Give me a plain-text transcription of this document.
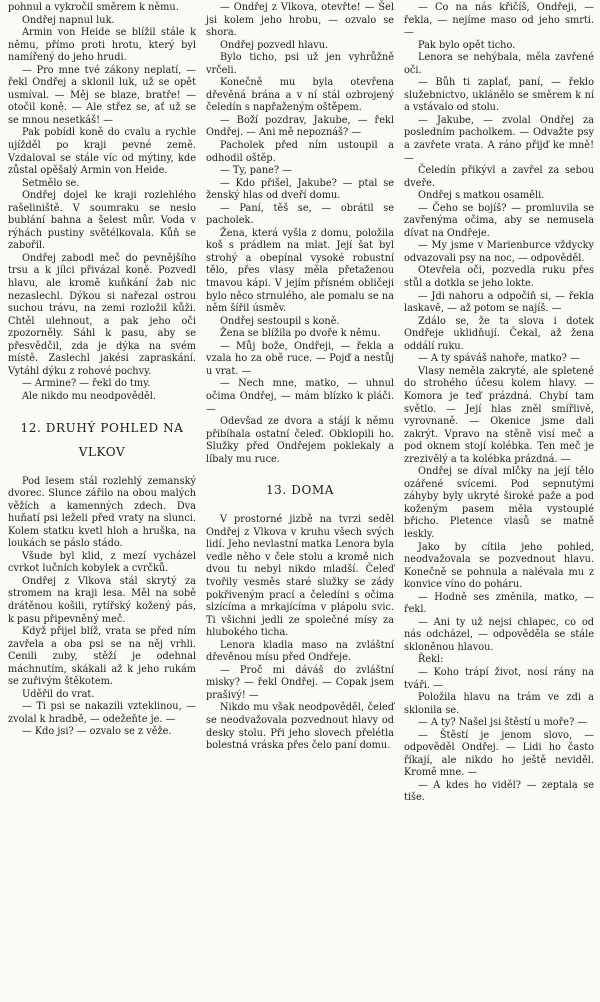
pohnul a vykročil směrem k němu.

Ondřej napnul luk.

Armin von Heide se blížil stále k němu, přímo proti hrotu, který byl namířený do jeho hrudi.

— Pro mne tvé zákony neplatí, — řekl Ondřej a sklonil luk, už se opět usmíval. — Měj se blaze, bratře! — otočil koně. — Ale střez se, ať už se se mnou nesetkáš! —

Pak pobídl koně do cvalu a rychle ujížděl po kraji pevné země. Vzdaloval se stále víc od mýtiny, kde zůstal opěšalý Armin von Heide.

Setmělo se.

Ondřej dojel ke kraji rozlehlého rašeliniště. V soumraku se neslo bublání bahna a šelest můr. Voda v rýhách pustiny světélkovala. Kůň se zabořil.

Ondřej zabodl meč do pevnějšího trsu a k jílci přivázal koně. Pozvedl hlavu, ale kromě kuňkání žab nic nezaslechl. Dýkou si nařezal ostrou suchou trávu, na zemi rozložil kůži. Chtěl ulehnout, a pak jeho oči zpozorněly. Sáhl k pasu, aby se přesvědčil, zda je dýka na svém místě. Zaslechl jakési zapraskání. Vytáhl dýku z rohové pochvy.

— Armine? — řekl do tmy.

Ale nikdo mu neodpověděl.

12. DRUHÝ POHLED NA
VLKOV

Pod lesem stál rozlehlý zemanský dvorec. Slunce zářilo na obou malých věžích a kamenných zdech. Dva huňatí psi leželi před vraty na slunci. Kolem statku kvetl hloh a hruška, na loukách se páslo stádo.

Všude byl klid, z mezí vycházel cvrkot lučních kobylek a cvrčků.

Ondřej z Vlkova stál skrytý za stromem na kraji lesa. Měl na sobě drátěnou košili, rytířský kožený pás, k pasu připevněný meč.

Když přijel blíž, vrata se před ním zavřela a oba psi se na něj vrhli. Cenili zuby, stěží je odehnal máchnutím, skákali až k jeho rukám se zuřivým štěkotem.

Uděřil do vrat.

— Ti psi se nakazili vzteklinou, — zvolal k hradbě, — odežeňte je. —

— Kdo jsi? — ozvalo se z věže.

— Ondřej z Vlkova, otevřte! — Šel jsi kolem jeho hrobu, — ozvalo se shora.

Ondřej pozvedl hlavu.

Bylo ticho, psi už jen vyhrůžně vrčeli.

Konečně mu byla otevřena dřevěná brána a v ní stál ozbrojený čeledín s napřaženým oštěpem.

— Boží pozdrav, Jakube, — řekl Ondřej. — Ani mě nepoznáš? —

Pacholek před ním ustoupil a odhodil oštěp.

— Ty, pane? —

— Kdo přišel, Jakube? — ptal se ženský hlas od dveří domu.

— Paní, těš se, — obrátil se pacholek.

Žena, která vyšla z domu, položila koš s prádlem na mlat. Její šat byl strohý a obepínal vysoké robustní tělo, přes vlasy měla přetaženou tmavou kápi. V jejím přísném obličeji bylo něco strnulého, ale pomalu se na něm šířil úsměv.

Ondřej sestoupil s koně.

Žena se blížila po dvoře k němu.

— Můj bože, Ondřeji, — řekla a vzala ho za obě ruce. — Pojď a nestůj u vrat. —

— Nech mne, matko, — uhnul očima Ondřej, — mám blízko k pláči. —

Odevšad ze dvora a stájí k němu přibíhala ostatní čeleď. Obklopili ho. Služky před Ondřejem poklekaly a líbaly mu ruce.

13. DOMA

V prostorné jizbě na tvrzi seděl Ondřej z Vlkova v kruhu všech svých lidí. Jeho nevlastní matka Lenora byla vedle něho v čele stolu a kromě nich dvou tu nebyl nikdo mladší. Čeleď tvořily vesměs staré služky se zády pokřiveným prací a čeledíni s očima slzícíma a mrkajícíma v plápolu svic. Ti všichni jedli ze společné mísy za hlubokého ticha.

Lenora kladla maso na zvláštní dřevěnou mísu před Ondřeje.

— Proč mi dáváš do zvláštní misky? — řekl Ondřej. — Copak jsem prašivý! —

Nikdo mu však neodpověděl, čeleď se neodvažovala pozvednout hlavy od desky stolu. Při jeho slovech přelétla bolestná vráska přes čelo paní domu.

— Co na nás křičíš, Ondřeji, — řekla, — nejíme maso od jeho smrti. —

Pak bylo opět ticho.

Lenora se nehýbala, měla zavřené oči.

— Bůh ti zaplať, paní, — řeklo služebnictvo, uklánělo se směrem k ní a vstávalo od stolu.

— Jakube, — zvolal Ondřej za posledním pacholkem. — Odvažte psy a zavřete vrata. A ráno přijď ke mně! —

Čeledín přikývl a zavřel za sebou dveře.

Ondřej s matkou osaměli.

— Čeho se bojíš? — promluvila se zavřenýma očima, aby se nemusela dívat na Ondřeje.

— My jsme v Marienburce vždycky odvazovali psy na noc, — odpověděl.

Otevřela oči, pozvedla ruku přes stůl a dotkla se jeho lokte.

— Jdi nahoru a odpočiň si, — řekla laskavě, — až potom se najíš. —

Zdálo se, že ta slova i dotek Ondřeje uklidňují. Čekal, až žena oddálí ruku.

— A ty spáváš nahoře, matko? —

Vlasy neměla zakryté, ale spletené do strohého účesu kolem hlavy. — Komora je teď prázdná. Chybí tam světlo. — Její hlas zněl smířlivě, vyrovnaně. — Okenice jsme dali zakrýt. Vpravo na stěně visí meč a pod oknem stojí kolébka. Ten meč je zrezivělý a ta kolébka prázdná. —

Ondřej se díval mlčky na její tělo ozářené svícemi. Pod sepnutými záhyby byly ukryté široké paže a pod koženým pasem měla vystouplé břicho. Pletence vlasů se matně leskly.

Jako by cítila jeho pohled, neodvažovala se pozvednout hlavu. Konečně se pohnula a nalévala mu z konvice víno do poháru.

— Hodně ses změnila, matko, — řekl.

— Ani ty už nejsi chlapec, co od nás odcházel, — odpověděla se stále skloněnou hlavou.

Řekl:

— Koho trápí život, nosí rány na tváři. —

Položila hlavu na trám ve zdi a sklonila se.

— A ty? Našel jsi štěstí u moře? —

— Štěstí je jenom slovo, — odpověděl Ondřej. — Lidi ho často říkají, ale nikdo ho ještě neviděl. Kromě mne. —

— A kdes ho viděl? — zeptala se tiše.
